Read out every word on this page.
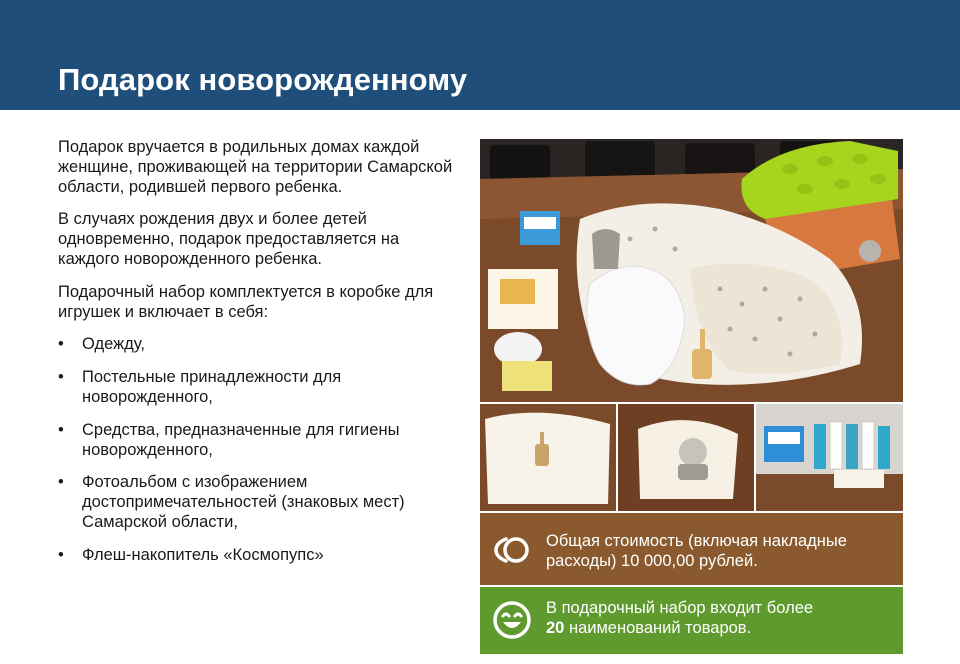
Подарок новорожденному

Подарок вручается в родильных домах каждой женщине, проживающей на территории Самарской области, родившей первого ребенка.

В случаях рождения двух и более детей одновременно, подарок предоставляется на каждого новорожденного ребенка.

Подарочный набор комплектуется в коробке для игрушек и включает в себя:

• Одежду,
• Постельные принадлежности для новорожденного,
• Средства, предназначенные для гигиены новорожденного,
• Фотоальбом с изображением достопримечательностей (знаковых мест) Самарской области,
• Флеш-накопитель «Космопупс»
Общая стоимость (включая накладные расходы) 10 000,00 рублей.
В подарочный набор входит более
20 наименований товаров.
